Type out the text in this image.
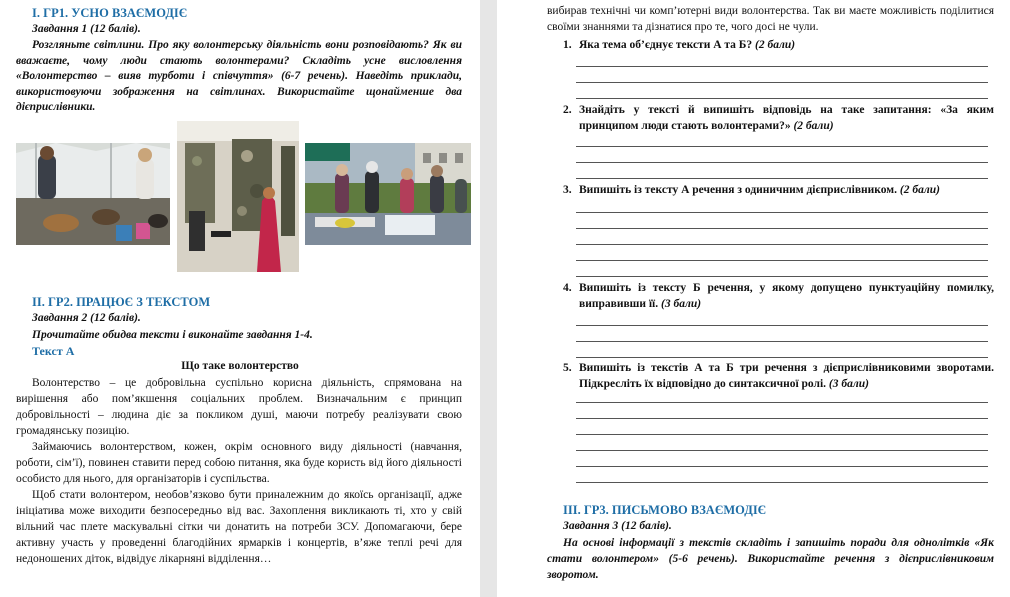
I. ГР1. УСНО ВЗАЄМОДІЄ
Завдання 1 (12 балів).
Розгляньте світлини. Про яку волонтерську діяльність вони розповідають? Як ви вважаєте, чому люди стають волонтерами? Складіть усне висловлення «Волонтерство – вияв турботи і співчуття» (6-7 речень). Наведіть приклади, використовуючи зображення на світлинах. Використайте щонайменше два дієприслівники.
II. ГР2. ПРАЦЮЄ З ТЕКСТОМ
Завдання 2 (12 балів).
Прочитайте обидва тексти і виконайте завдання 1-4.
Текст А
Що таке волонтерство
Волонтерство – це добровільна суспільно корисна діяльність, спрямована на вирішення або пом’якшення соціальних проблем. Визначальним є принцип добровільності – людина діє за покликом душі, маючи потребу реалізувати свою громадянську позицію.
Займаючись волонтерством, кожен, окрім основного виду діяльності (навчання, роботи, сім’ї), повинен ставити перед собою питання, яка буде користь від його діяльності особисто для нього, для організаторів і суспільства.
Щоб стати волонтером, необов’язково бути приналежним до якоїсь організації, адже ініціатива може виходити безпосередньо від вас. Захоплення викликають ті, хто у свій вільний час плете маскувальні сітки чи донатить на потреби ЗСУ. Допомагаючи, бере активну участь у проведенні благодійних ярмарків і концертів, в’яже теплі речі для недоношених діток, відвідує лікарняні відділення…
вибирав технічні чи комп’ютерні види волонтерства. Так ви маєте можливість поділитися своїми знаннями та дізнатися про те, чого досі не чули.
1. Яка тема об’єднує тексти А та Б? (2 бали)
2. Знайдіть у тексті й випишіть відповідь на таке запитання: «За яким принципом люди стають волонтерами?» (2 бали)
3. Випишіть із тексту А речення з одиничним дієприслівником. (2 бали)
4. Випишіть із тексту Б речення, у якому допущено пунктуаційну помилку, виправивши її. (3 бали)
5. Випишіть із текстів А та Б три речення з дієприслівниковими зворотами. Підкресліть їх відповідно до синтаксичної ролі. (3 бали)
III. ГР3. ПИСЬМОВО ВЗАЄМОДІЄ
Завдання 3 (12 балів).
На основі інформації з текстів складіть і запишіть поради для однолітків «Як стати волонтером» (5-6 речень). Використайте речення з дієприслівниковим зворотом.
